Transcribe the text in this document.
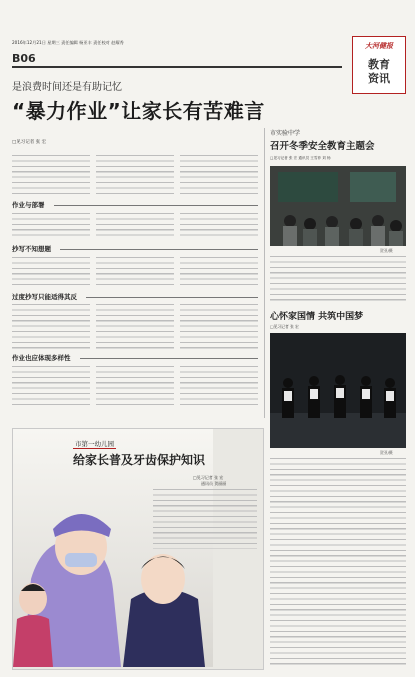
2016年12月21日 星期三 责任编辑 杨亚丰 责任校对 赵耀秀
B06
大河健报
教育资讯
是浪费时间还是有助记忆
“暴力作业”让家长有苦难言
□见习记者 张 宏
作业与部署
抄写不知想题
过度抄写只能适得其反
作业也应体现多样性
市第一幼儿园
给家长普及牙齿保护知识
□见习记者 张 宏
通讯员 贺丽丽
市实验中学
召开冬季安全教育主题会
□见习记者 张 宏 通讯员 王雪菲 刘 杨
贺亚/摄
心怀家国情 共筑中国梦
□见习记者 张 宏
贺亚/摄
